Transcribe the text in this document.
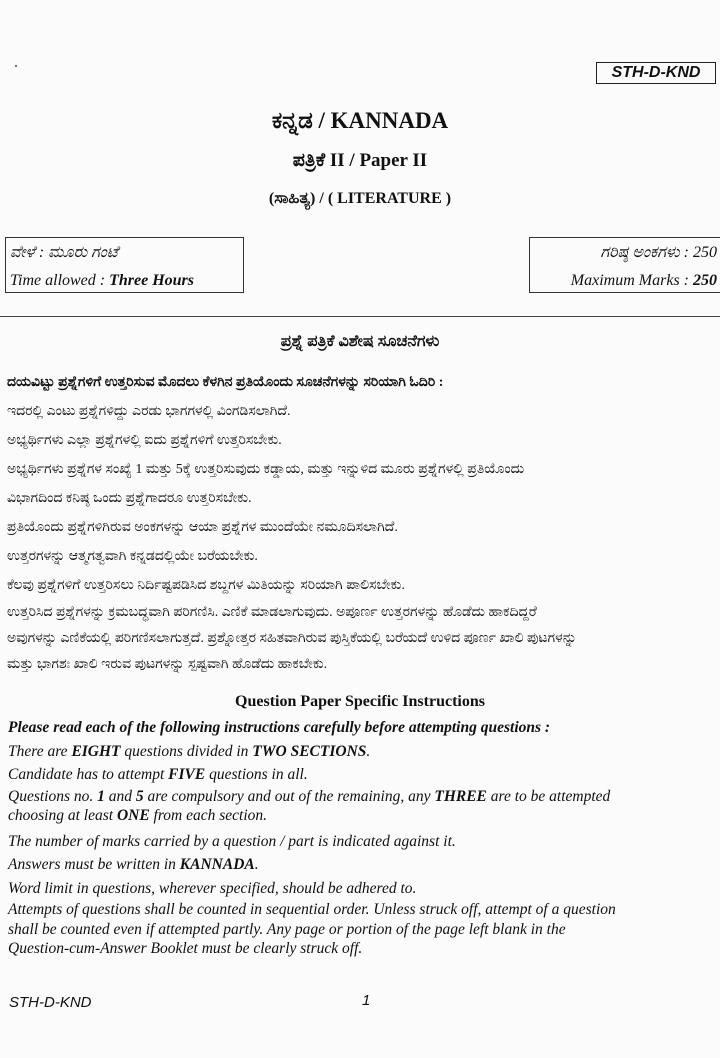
STH-D-KND
ಕನ್ನಡ / KANNADA
ಪತ್ರಿಕೆ II / Paper II
(ಸಾಹಿತ್ಯ) / ( LITERATURE )
ವೇಳೆ : ಮೂರು ಗಂಟೆ
Time allowed : Three Hours
ಗರಿಷ್ಠ ಅಂಕಗಳು : 250
Maximum Marks : 250
ಪ್ರಶ್ನೆ ಪತ್ರಿಕೆ ವಿಶೇಷ ಸೂಚನೆಗಳು
ದಯವಿಟ್ಟು ಪ್ರಶ್ನೆಗಳಿಗೆ ಉತ್ತರಿಸುವ ಮೊದಲು ಕೆಳಗಿನ ಪ್ರತಿಯೊಂದು ಸೂಚನೆಗಳನ್ನು ಸರಿಯಾಗಿ ಓದಿರಿ :
ಇದರಲ್ಲಿ ಎಂಟು ಪ್ರಶ್ನೆಗಳಿದ್ದು ಎರಡು ಭಾಗಗಳಲ್ಲಿ ವಿಂಗಡಿಸಲಾಗಿದೆ.
ಅಭ್ಯರ್ಥಿಗಳು ಎಲ್ಲಾ ಪ್ರಶ್ನೆಗಳಲ್ಲಿ ಐದು ಪ್ರಶ್ನೆಗಳಿಗೆ ಉತ್ತರಿಸಬೇಕು.
ಅಭ್ಯರ್ಥಿಗಳು ಪ್ರಶ್ನೆಗಳ ಸಂಖ್ಯೆ 1 ಮತ್ತು 5ಕ್ಕೆ ಉತ್ತರಿಸುವುದು ಕಡ್ಡಾಯ, ಮತ್ತು ಇನ್ನುಳಿದ ಮೂರು ಪ್ರಶ್ನೆಗಳಲ್ಲಿ ಪ್ರತಿಯೊಂದು
ವಿಭಾಗದಿಂದ ಕನಿಷ್ಠ ಒಂದು ಪ್ರಶ್ನೆಗಾದರೂ ಉತ್ತರಿಸಬೇಕು.
ಪ್ರತಿಯೊಂದು ಪ್ರಶ್ನೆಗಳಿಗಿರುವ ಅಂಕಗಳನ್ನು ಆಯಾ ಪ್ರಶ್ನೆಗಳ ಮುಂದೆಯೇ ನಮೂದಿಸಲಾಗಿದೆ.
ಉತ್ತರಗಳನ್ನು ಆತ್ಮಗತ್ವವಾಗಿ ಕನ್ನಡದಲ್ಲಿಯೇ ಬರೆಯಬೇಕು.
ಕೆಲವು ಪ್ರಶ್ನೆಗಳಿಗೆ ಉತ್ತರಿಸಲು ನಿರ್ದಿಷ್ಟಪಡಿಸಿದ ಶಬ್ದಗಳ ಮಿತಿಯನ್ನು ಸರಿಯಾಗಿ ಪಾಲಿಸಬೇಕು.
ಉತ್ತರಿಸಿದ ಪ್ರಶ್ನೆಗಳನ್ನು ಕ್ರಮಬದ್ಧವಾಗಿ ಪರಿಗಣಿಸಿ. ಎಣಿಕೆ ಮಾಡಲಾಗುವುದು. ಅಪೂರ್ಣ ಉತ್ತರಗಳನ್ನು ಹೊಡೆದು ಹಾಕದಿದ್ದರೆ
ಅವುಗಳನ್ನು ಎಣಿಕೆಯಲ್ಲಿ ಪರಿಗಣಿಸಲಾಗುತ್ತದೆ. ಪ್ರಶ್ನೋತ್ತರ ಸಹಿತವಾಗಿರುವ ಪುಸ್ತಿಕೆಯಲ್ಲಿ ಬರೆಯದೆ ಉಳಿದ ಪೂರ್ಣ ಖಾಲಿ ಪುಟಗಳನ್ನು
ಮತ್ತು ಭಾಗಶಃ ಖಾಲಿ ಇರುವ ಪುಟಗಳನ್ನು ಸ್ಪಷ್ಟವಾಗಿ ಹೊಡೆದು ಹಾಕಬೇಕು.
Question Paper Specific Instructions
Please read each of the following instructions carefully before attempting questions :
There are EIGHT questions divided in TWO SECTIONS.
Candidate has to attempt FIVE questions in all.
Questions no. 1 and 5 are compulsory and out of the remaining, any THREE are to be attempted
choosing at least ONE from each section.
The number of marks carried by a question / part is indicated against it.
Answers must be written in KANNADA.
Word limit in questions, wherever specified, should be adhered to.
Attempts of questions shall be counted in sequential order. Unless struck off, attempt of a question
shall be counted even if attempted partly. Any page or portion of the page left blank in the
Question-cum-Answer Booklet must be clearly struck off.
STH-D-KND	1
